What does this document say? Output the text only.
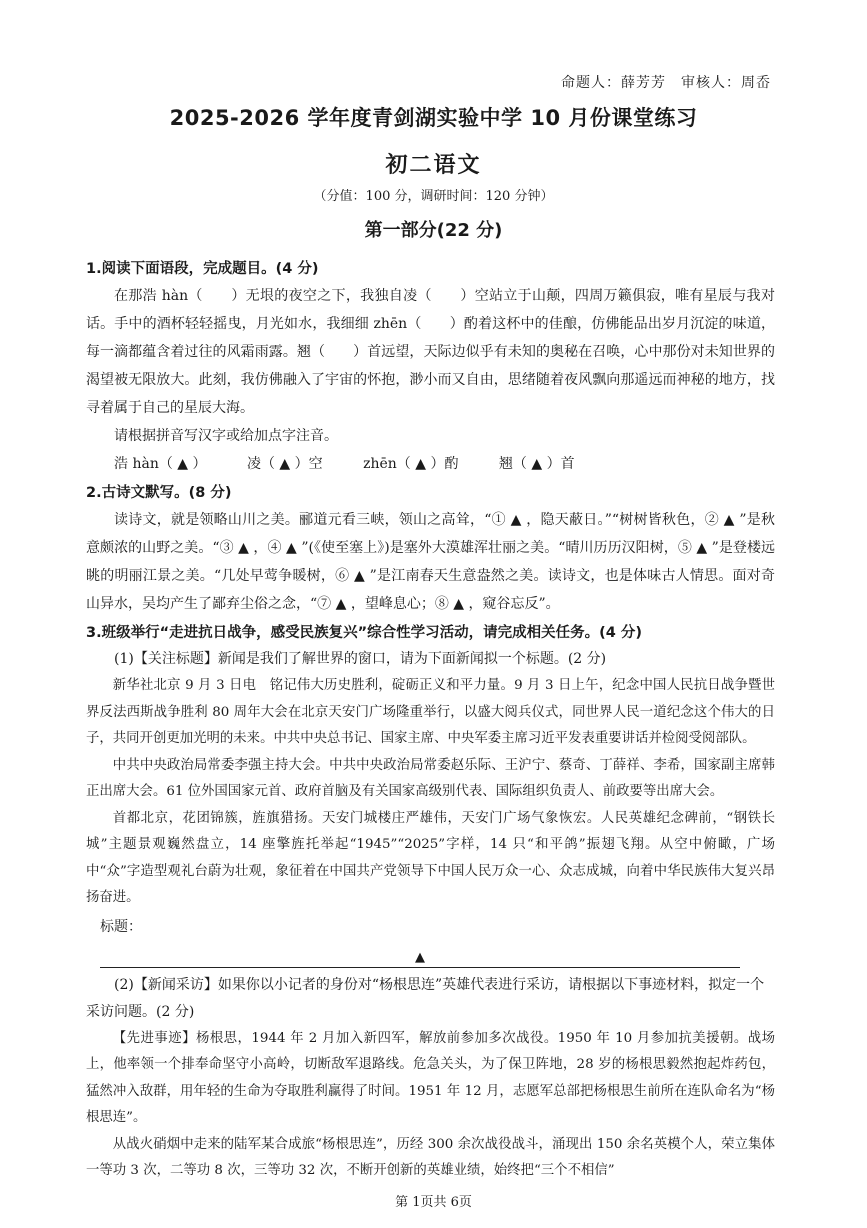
命题人：薛芳芳　审核人：周岙
2025-2026 学年度青剑湖实验中学 10 月份课堂练习
初二语文
（分值：100 分，调研时间：120 分钟）
第一部分(22 分)
1.阅读下面语段，完成题目。(4 分)

在那浩 hàn（　　）无垠的夜空之下，我独自凌（　　）空站立于山颠，四周万籁俱寂，唯有星辰与我对话。手中的酒杯轻轻摇曳，月光如水，我细细 zhēn（　　）酌着这杯中的佳酿，仿佛能品出岁月沉淀的味道，每一滴都蕴含着过往的风霜雨露。翘（　　）首远望，天际边似乎有未知的奥秘在召唤，心中那份对未知世界的渴望被无限放大。此刻，我仿佛融入了宇宙的怀抱，渺小而又自由，思绪随着夜风飘向那遥远而神秘的地方，找寻着属于自己的星辰大海。

请根据拼音写汉字或给加点字注音。

浩 hàn（ ▲ ）	凌（ ▲ ）空	zhēn（ ▲ ）酌	翘（ ▲ ）首
2.古诗文默写。(8 分)

读诗文，就是领略山川之美。郦道元看三峡，领山之高耸，“① ▲ ，隐天蔽日。”“树树皆秋色，② ▲ ”是秋意颇浓的山野之美。“③ ▲ ，④ ▲ ”(《使至塞上》)是塞外大漠雄浑壮丽之美。“晴川历历汉阳树，⑤ ▲ ”是登楼远眺的明丽江景之美。“几处早莺争暖树，⑥ ▲ ”是江南春天生意盎然之美。读诗文，也是体味古人情思。面对奇山异水，吴均产生了鄙弃尘俗之念，“⑦ ▲ ，望峰息心；⑧ ▲ ，窥谷忘反”。

3.班级举行“走进抗日战争，感受民族复兴”综合性学习活动，请完成相关任务。(4 分)

(1)【关注标题】新闻是我们了解世界的窗口，请为下面新闻拟一个标题。(2 分)

新华社北京 9 月 3 日电　铭记伟大历史胜利，碇砺正义和平力量。9 月 3 日上午，纪念中国人民抗日战争暨世界反法西斯战争胜利 80 周年大会在北京天安门广场隆重举行，以盛大阅兵仪式，同世界人民一道纪念这个伟大的日子，共同开创更加光明的未来。中共中央总书记、国家主席、中央军委主席习近平发表重要讲话并检阅受阅部队。

中共中央政治局常委李强主持大会。中共中央政治局常委赵乐际、王沪宁、蔡奇、丁薛祥、李希，国家副主席韩正出席大会。61 位外国国家元首、政府首脑及有关国家高级别代表、国际组织负责人、前政要等出席大会。

首都北京，花团锦簇，旌旗猎扬。天安门城楼庄严雄伟，天安门广场气象恢宏。人民英雄纪念碑前，“钢铁长城”主题景观巍然盘立，14 座擎旌托举起“1945”“2025”字样，14 只“和平鸽”振翅飞翔。从空中俯瞰，广场中“众”字造型观礼台蔚为壮观，象征着在中国共产党领导下中国人民万众一心、众志成城，向着中华民族伟大复兴昂扬奋进。

标题： ▲

(2)【新闻采访】如果你以小记者的身份对“杨根思连”英雄代表进行采访，请根据以下事迹材料，拟定一个采访问题。(2 分)

【先进事迹】杨根思，1944 年 2 月加入新四军，解放前参加多次战役。1950 年 10 月参加抗美援朝。战场上，他率领一个排奉命坚守小高岭，切断敌军退路线。危急关头，为了保卫阵地，28 岁的杨根思毅然抱起炸药包，猛然冲入敌群，用年轻的生命为夺取胜利赢得了时间。1951 年 12 月，志愿军总部把杨根思生前所在连队命名为“杨根思连”。

从战火硝烟中走来的陆军某合成旅“杨根思连”，历经 300 余次战役战斗，涌现出 150 余名英模个人，荣立集体一等功 3 次，二等功 8 次，三等功 32 次，不断开创新的英雄业绩，始终把“三个不相信”

第 1页共 6页
